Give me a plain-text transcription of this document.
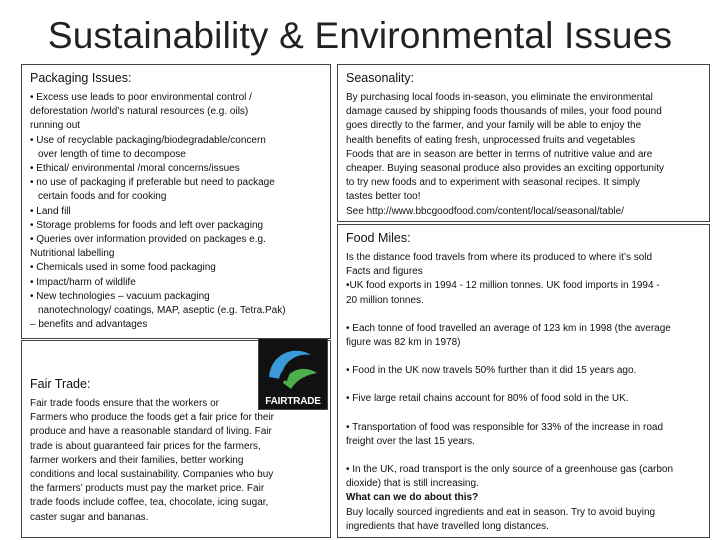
Sustainability & Environmental Issues
Packaging Issues:
• Excess use leads to poor environmental control /
deforestation /world’s natural resources (e.g. oils)
running out
• Use of recyclable packaging/biodegradable/concern
over length of time to decompose
• Ethical/ environmental /moral concerns/issues
• no use of packaging if preferable but need to package
certain foods and for cooking
• Land fill
• Storage problems for foods and left over packaging
• Queries over information provided on packages e.g.
Nutritional labelling
• Chemicals used in some food packaging
• Impact/harm of wildlife
• New technologies – vacuum packaging
nanotechnology/ coatings, MAP, aseptic (e.g. Tetra.Pak)
– benefits and advantages
Fair Trade:
Fair trade foods ensure that the workers or
Farmers who produce the foods get a fair price for their
produce and have a reasonable standard of living. Fair
trade is about guaranteed fair prices for the farmers,
farmer workers and their families, better working
conditions and local sustainability. Companies who buy
the farmers’ products must pay the market price. Fair
trade foods include coffee, tea, chocolate, icing sugar,
caster sugar and bananas.
FAIRTRADE
Seasonality:
By purchasing local foods in-season, you eliminate the environmental
damage caused by shipping foods thousands of miles, your food pound
goes directly to the farmer, and your family will be able to enjoy the
health benefits of eating fresh, unprocessed fruits and vegetables
Foods that are in season are better in terms of nutritive value and are
cheaper. Buying seasonal produce also provides an exciting opportunity
to try new foods and to experiment with seasonal recipes. It simply
tastes better too!
See http://www.bbcgoodfood.com/content/local/seasonal/table/
Food Miles:
Is the distance food travels from where its produced to where it’s sold
Facts and figures
•UK food exports in 1994 - 12 million tonnes. UK food imports in 1994 -
20 million tonnes.
• Each tonne of food travelled an average of 123 km in 1998 (the average
figure was 82 km in 1978)
• Food in the UK now travels 50% further than it did 15 years ago.
• Five large retail chains account for 80% of food sold in the UK.
• Transportation of food was responsible for 33% of the increase in road
freight over the last 15 years.
• In the UK, road transport is the only source of a greenhouse gas (carbon
dioxide) that is still increasing.
What can we do about this?
Buy locally sourced ingredients and eat in season. Try to avoid buying
ingredients that have travelled long distances.
